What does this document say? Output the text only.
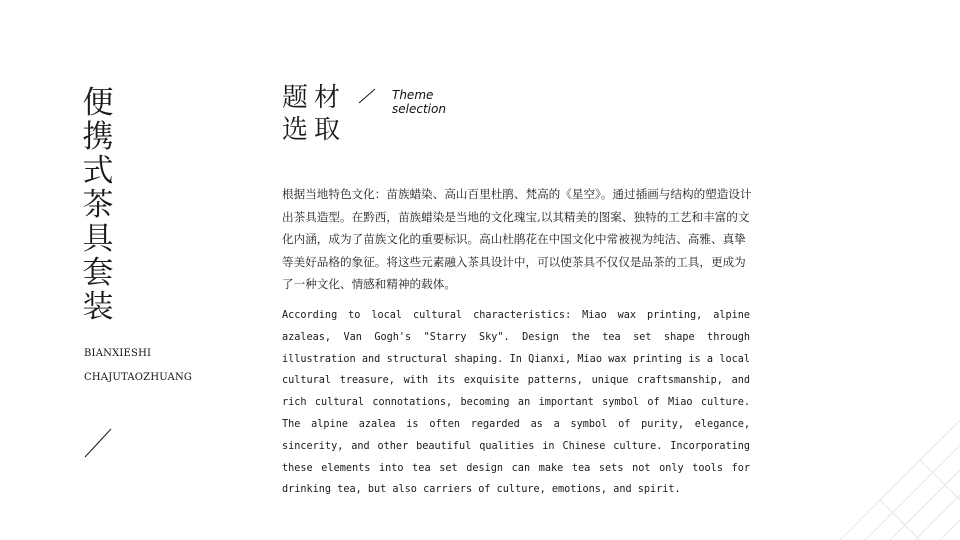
便携式茶具套装
BIANXIESHI
CHAJUTAOZHUANG
题材选取
Theme
selection
根据当地特色文化：苗族蜡染、高山百里杜鹃、梵高的《星空》。通过插画与结构的塑造设计出茶具造型。在黔西，苗族蜡染是当地的文化瑰宝,以其精美的图案、独特的工艺和丰富的文化内涵，成为了苗族文化的重要标识。高山杜鹃花在中国文化中常被视为纯洁、高雅、真挚等美好品格的象征。将这些元素融入茶具设计中，可以使茶具不仅仅是品茶的工具，更成为了一种文化、情感和精神的载体。
According to local cultural characteristics: Miao wax printing, alpine azaleas, Van Gogh's "Starry Sky". Design the tea set shape through illustration and structural shaping. In Qianxi, Miao wax printing is a local cultural treasure, with its exquisite patterns, unique craftsmanship, and rich cultural connotations, becoming an important symbol of Miao culture. The alpine azalea is often regarded as a symbol of purity, elegance, sincerity, and other beautiful qualities in Chinese culture. Incorporating these elements into tea set design can make tea sets not only tools for drinking tea, but also carriers of culture, emotions, and spirit.
